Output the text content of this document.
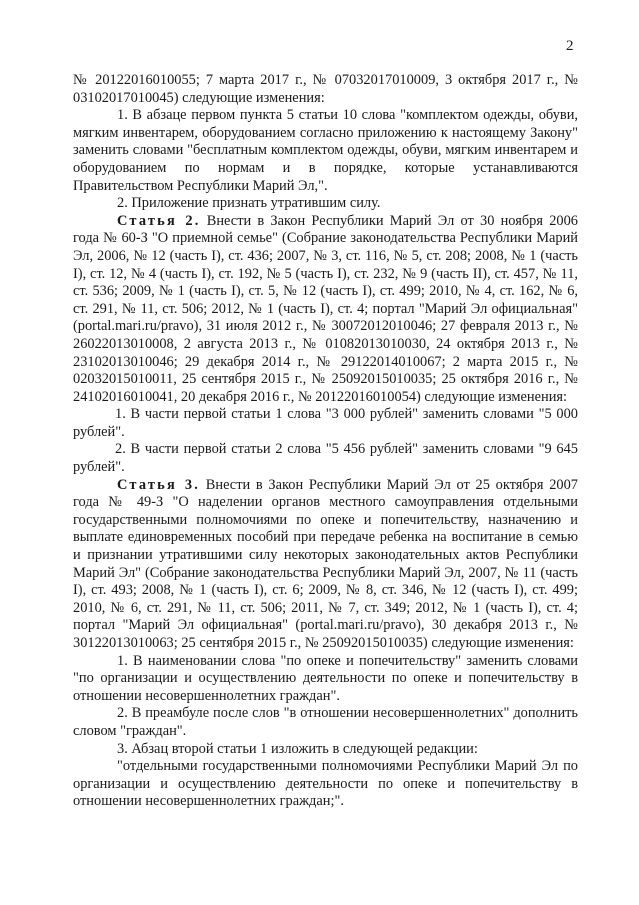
2

№ 20122016010055; 7 марта 2017 г., № 07032017010009, 3 октября 2017 г., № 03102017010045) следующие изменения:

1. В абзаце первом пункта 5 статьи 10 слова "комплектом одежды, обуви, мягким инвентарем, оборудованием согласно приложению к настоящему Закону" заменить словами "бесплатным комплектом одежды, обуви, мягким инвентарем и оборудованием по нормам и в порядке, которые устанавливаются Правительством Республики Марий Эл,".

2. Приложение признать утратившим силу.

Статья 2. Внести в Закон Республики Марий Эл от 30 ноября 2006 года № 60-З "О приемной семье" (Собрание законодательства Республики Марий Эл, 2006, № 12 (часть I), ст. 436; 2007, № 3, ст. 116, № 5, ст. 208; 2008, № 1 (часть I), ст. 12, № 4 (часть I), ст. 192, № 5 (часть I), ст. 232, № 9 (часть II), ст. 457, № 11, ст. 536; 2009, № 1 (часть I), ст. 5, № 12 (часть I), ст. 499; 2010, № 4, ст. 162, № 6, ст. 291, № 11, ст. 506; 2012, № 1 (часть I), ст. 4; портал "Марий Эл официальная" (portal.mari.ru/pravo), 31 июля 2012 г., № 30072012010046; 27 февраля 2013 г., № 26022013010008, 2 августа 2013 г., № 01082013010030, 24 октября 2013 г., № 23102013010046; 29 декабря 2014 г., № 29122014010067; 2 марта 2015 г., № 02032015010011, 25 сентября 2015 г., № 25092015010035; 25 октября 2016 г., № 24102016010041, 20 декабря 2016 г., № 20122016010054) следующие изменения:

1. В части первой статьи 1 слова "3 000 рублей" заменить словами "5 000 рублей".

2. В части первой статьи 2 слова "5 456 рублей" заменить словами "9 645 рублей".

Статья 3. Внести в Закон Республики Марий Эл от 25 октября 2007 года № 49-З "О наделении органов местного самоуправления отдельными государственными полномочиями по опеке и попечительству, назначению и выплате единовременных пособий при передаче ребенка на воспитание в семью и признании утратившими силу некоторых законодательных актов Республики Марий Эл" (Собрание законодательства Республики Марий Эл, 2007, № 11 (часть I), ст. 493; 2008, № 1 (часть I), ст. 6; 2009, № 8, ст. 346, № 12 (часть I), ст. 499; 2010, № 6, ст. 291, № 11, ст. 506; 2011, № 7, ст. 349; 2012, № 1 (часть I), ст. 4; портал "Марий Эл официальная" (portal.mari.ru/pravo), 30 декабря 2013 г., № 30122013010063; 25 сентября 2015 г., № 25092015010035) следующие изменения:

1. В наименовании слова "по опеке и попечительству" заменить словами "по организации и осуществлению деятельности по опеке и попечительству в отношении несовершеннолетних граждан".

2. В преамбуле после слов "в отношении несовершеннолетних" дополнить словом "граждан".

3. Абзац второй статьи 1 изложить в следующей редакции:

"отдельными государственными полномочиями Республики Марий Эл по организации и осуществлению деятельности по опеке и попечительству в отношении несовершеннолетних граждан;".
